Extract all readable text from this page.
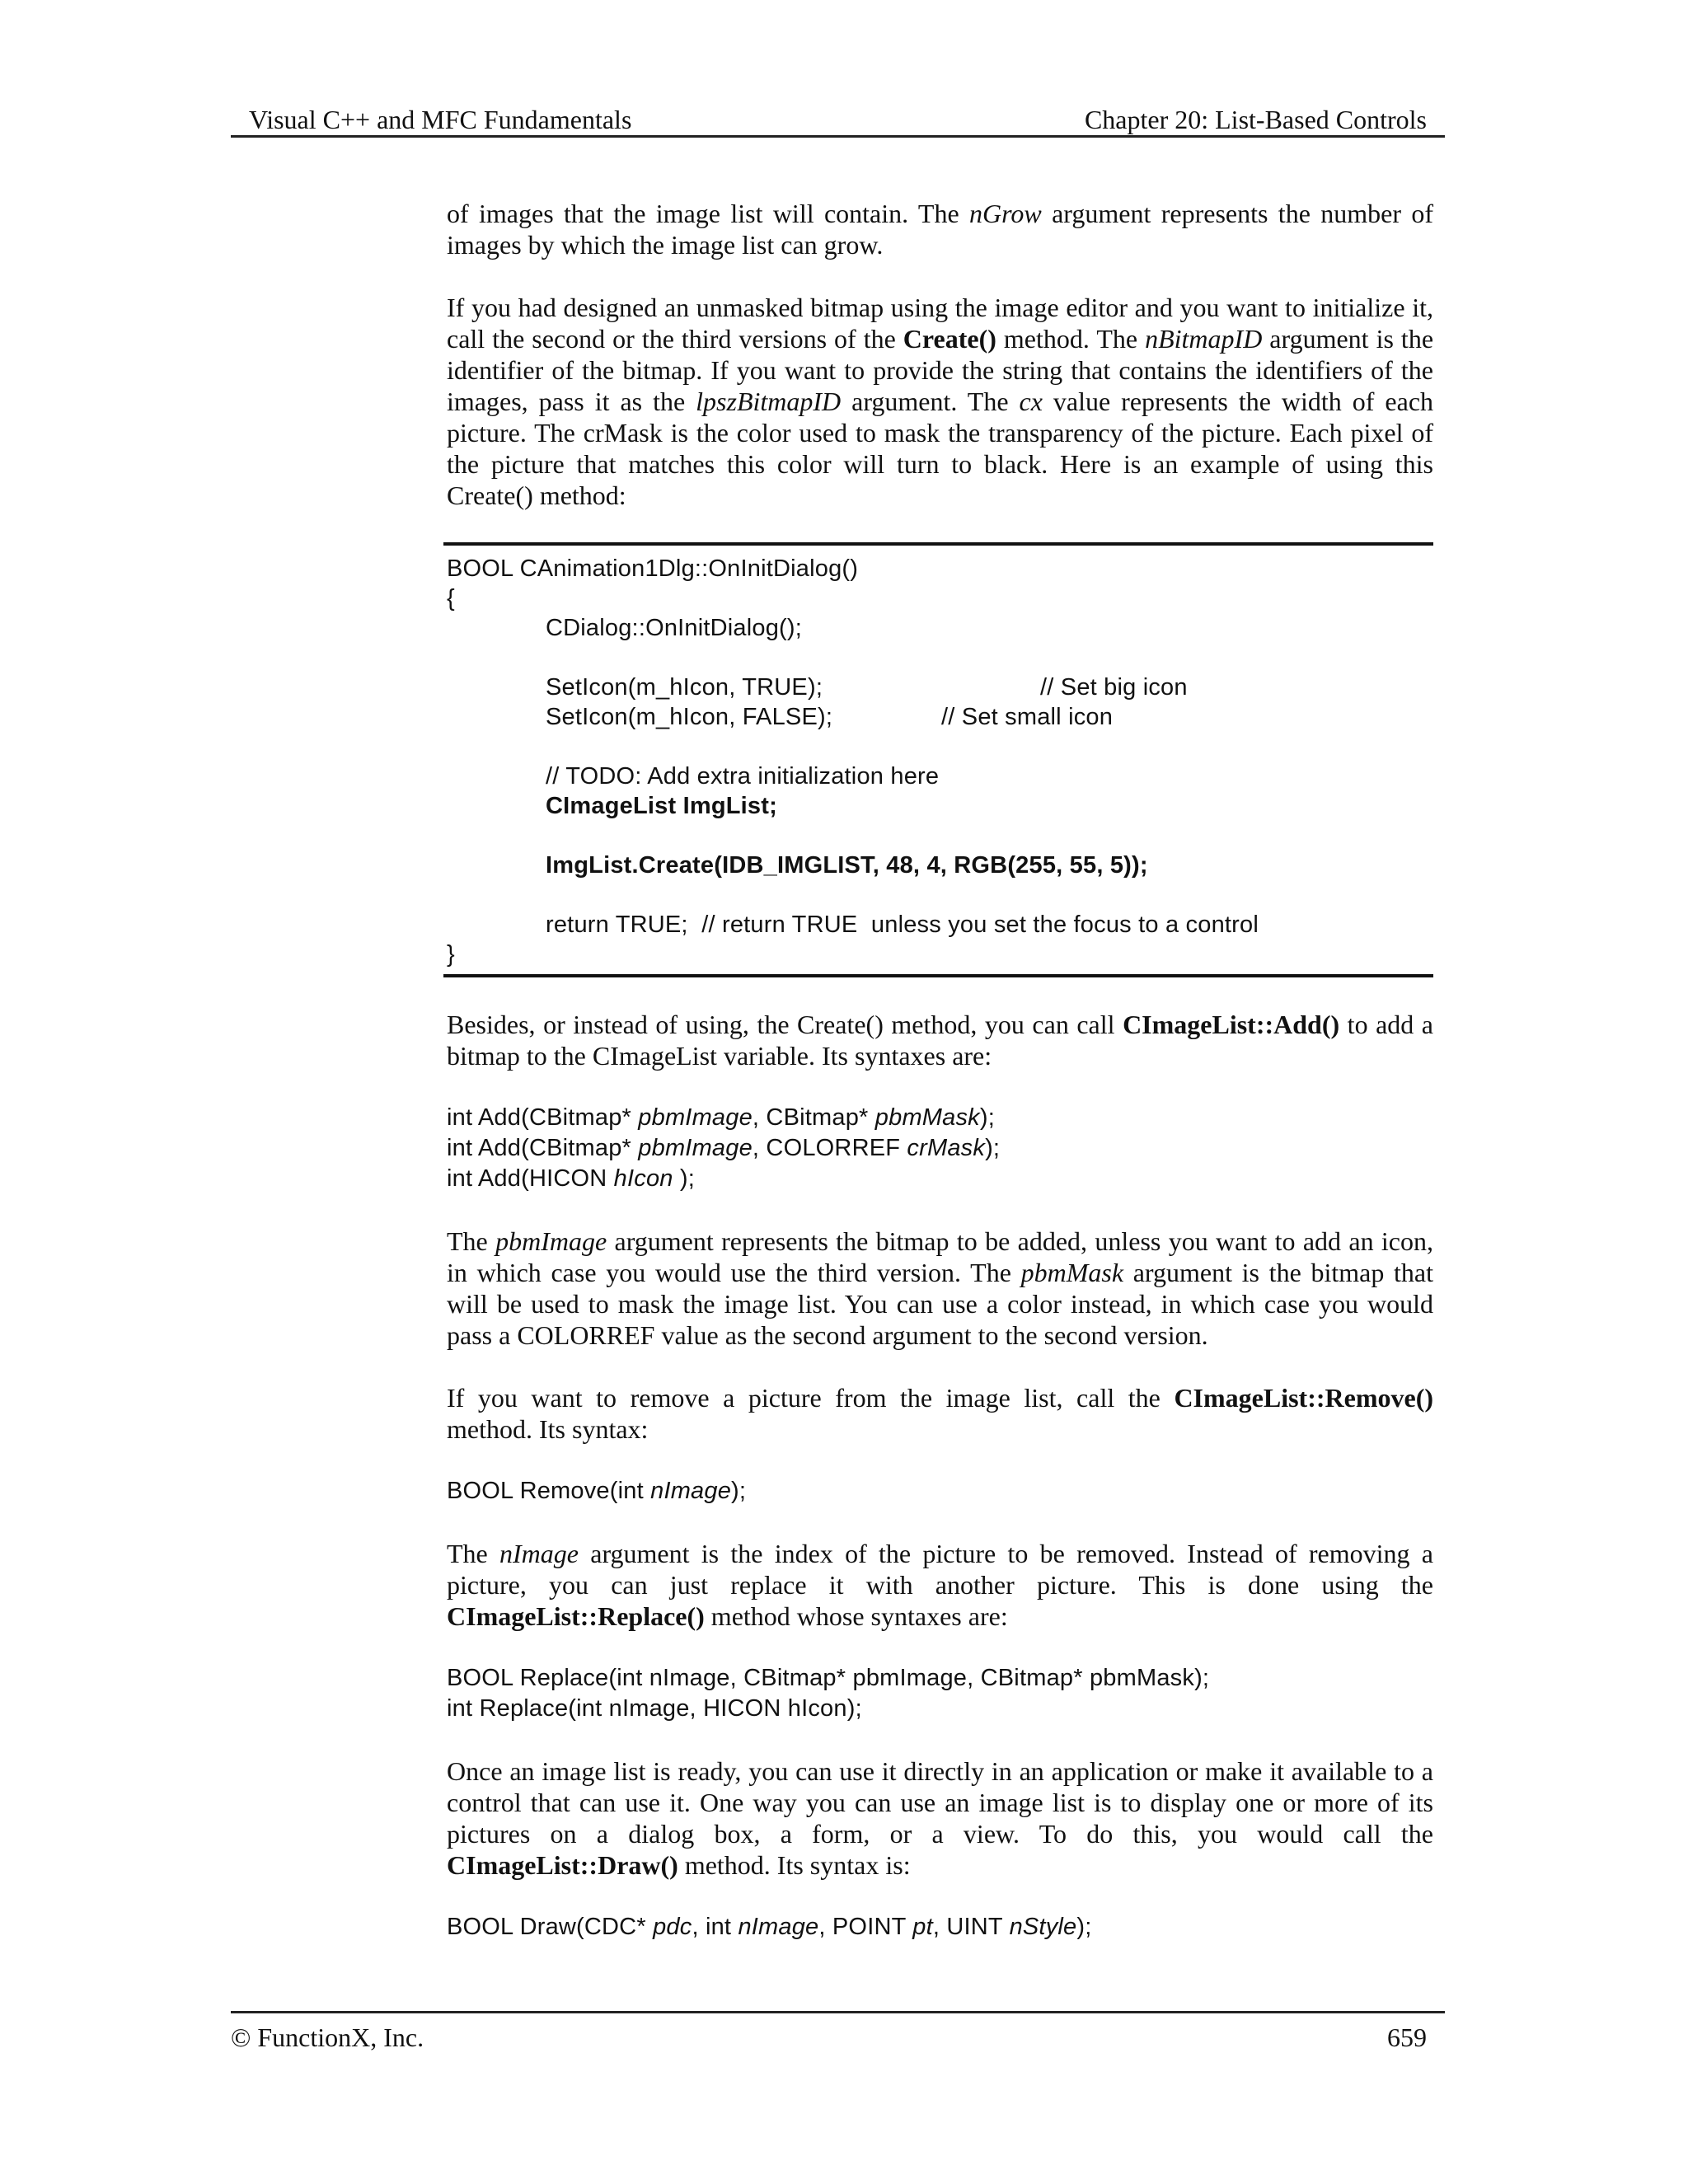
Visual C++ and MFC Fundamentals	Chapter 20: List-Based Controls

of images that the image list will contain. The nGrow argument represents the number of images by which the image list can grow.

If you had designed an unmasked bitmap using the image editor and you want to initialize it, call the second or the third versions of the Create() method. The nBitmapID argument is the identifier of the bitmap. If you want to provide the string that contains the identifiers of the images, pass it as the lpszBitmapID argument. The cx value represents the width of each picture. The crMask is the color used to mask the transparency of the picture. Each pixel of the picture that matches this color will turn to black. Here is an example of using this Create() method:

BOOL CAnimation1Dlg::OnInitDialog()
{
CDialog::OnInitDialog();
SetIcon(m_hIcon, TRUE);	// Set big icon
SetIcon(m_hIcon, FALSE);	// Set small icon
// TODO: Add extra initialization here
CImageList ImgList;
ImgList.Create(IDB_IMGLIST, 48, 4, RGB(255, 55, 5));
return TRUE;  // return TRUE  unless you set the focus to a control
}

Besides, or instead of using, the Create() method, you can call CImageList::Add() to add a bitmap to the CImageList variable. Its syntaxes are:

int Add(CBitmap* pbmImage, CBitmap* pbmMask);
int Add(CBitmap* pbmImage, COLORREF crMask);
int Add(HICON hIcon );

The pbmImage argument represents the bitmap to be added, unless you want to add an icon, in which case you would use the third version. The pbmMask argument is the bitmap that will be used to mask the image list. You can use a color instead, in which case you would pass a COLORREF value as the second argument to the second version.

If you want to remove a picture from the image list, call the CImageList::Remove() method. Its syntax:

BOOL Remove(int nImage);

The nImage argument is the index of the picture to be removed. Instead of removing a picture, you can just replace it with another picture. This is done using the CImageList::Replace() method whose syntaxes are:

BOOL Replace(int nImage, CBitmap* pbmImage, CBitmap* pbmMask);
int Replace(int nImage, HICON hIcon);

Once an image list is ready, you can use it directly in an application or make it available to a control that can use it. One way you can use an image list is to display one or more of its pictures on a dialog box, a form, or a view. To do this, you would call the CImageList::Draw() method. Its syntax is:

BOOL Draw(CDC* pdc, int nImage, POINT pt, UINT nStyle);
© FunctionX, Inc.	659
